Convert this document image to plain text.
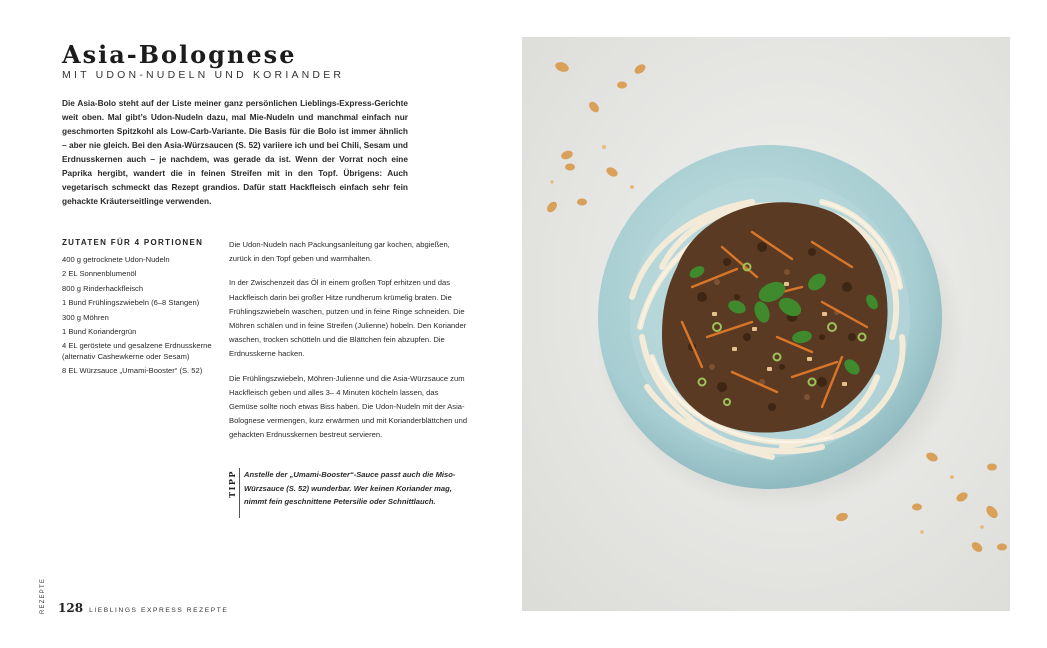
Asia-Bolognese
MIT UDON-NUDELN UND KORIANDER

Die Asia-Bolo steht auf der Liste meiner ganz persönlichen Lieblings-Express-Gerichte weit oben. Mal gibt’s Udon-Nudeln dazu, mal Mie-Nudeln und manchmal einfach nur geschmorten Spitzkohl als Low-Carb-Variante. Die Basis für die Bolo ist immer ähnlich – aber nie gleich. Bei den Asia-Würzsaucen (S. 52) variiere ich und bei Chili, Sesam und Erdnusskernen auch – je nachdem, was gerade da ist. Wenn der Vorrat noch eine Paprika hergibt, wandert die in feinen Streifen mit in den Topf. Übrigens: Auch vegetarisch schmeckt das Rezept grandios. Dafür statt Hackfleisch einfach sehr fein gehackte Kräuterseitlinge verwenden.

ZUTATEN FÜR 4 PORTIONEN
400 g getrocknete Udon-Nudeln
2 EL Sonnenblumenöl
800 g Rinderhackfleisch
1 Bund Frühlingszwiebeln (6–8 Stangen)
300 g Möhren
1 Bund Koriandergrün
4 EL geröstete und gesalzene Erdnusskerne (alternativ Cashewkerne oder Sesam)
8 EL Würzsauce „Umami-Booster“ (S. 52)

Die Udon-Nudeln nach Packungsanleitung gar kochen, abgießen, zurück in den Topf geben und warmhalten.

In der Zwischenzeit das Öl in einem großen Topf erhitzen und das Hackfleisch darin bei großer Hitze rundherum krümelig braten. Die Frühlingszwiebeln waschen, putzen und in feine Ringe schneiden. Die Möhren schälen und in feine Streifen (Julienne) hobeln. Den Koriander waschen, trocken schütteln und die Blättchen fein abzupfen. Die Erdnusskerne hacken.

Die Frühlingszwiebeln, Möhren-Julienne und die Asia-Würzsauce zum Hackfleisch geben und alles 3– 4 Minuten köcheln lassen, das Gemüse sollte noch etwas Biss haben. Die Udon-Nudeln mit der Asia-Bolognese vermengen, kurz erwärmen und mit Korianderblättchen und gehackten Erdnusskernen bestreut servieren.

TIPP Anstelle der „Umami-Booster“-Sauce passt auch die Miso-Würzsauce (S. 52) wunderbar. Wer keinen Koriander mag, nimmt fein geschnittene Petersilie oder Schnittlauch.

REZEPTE 128 LIEBLINGS EXPRESS REZEPTE
